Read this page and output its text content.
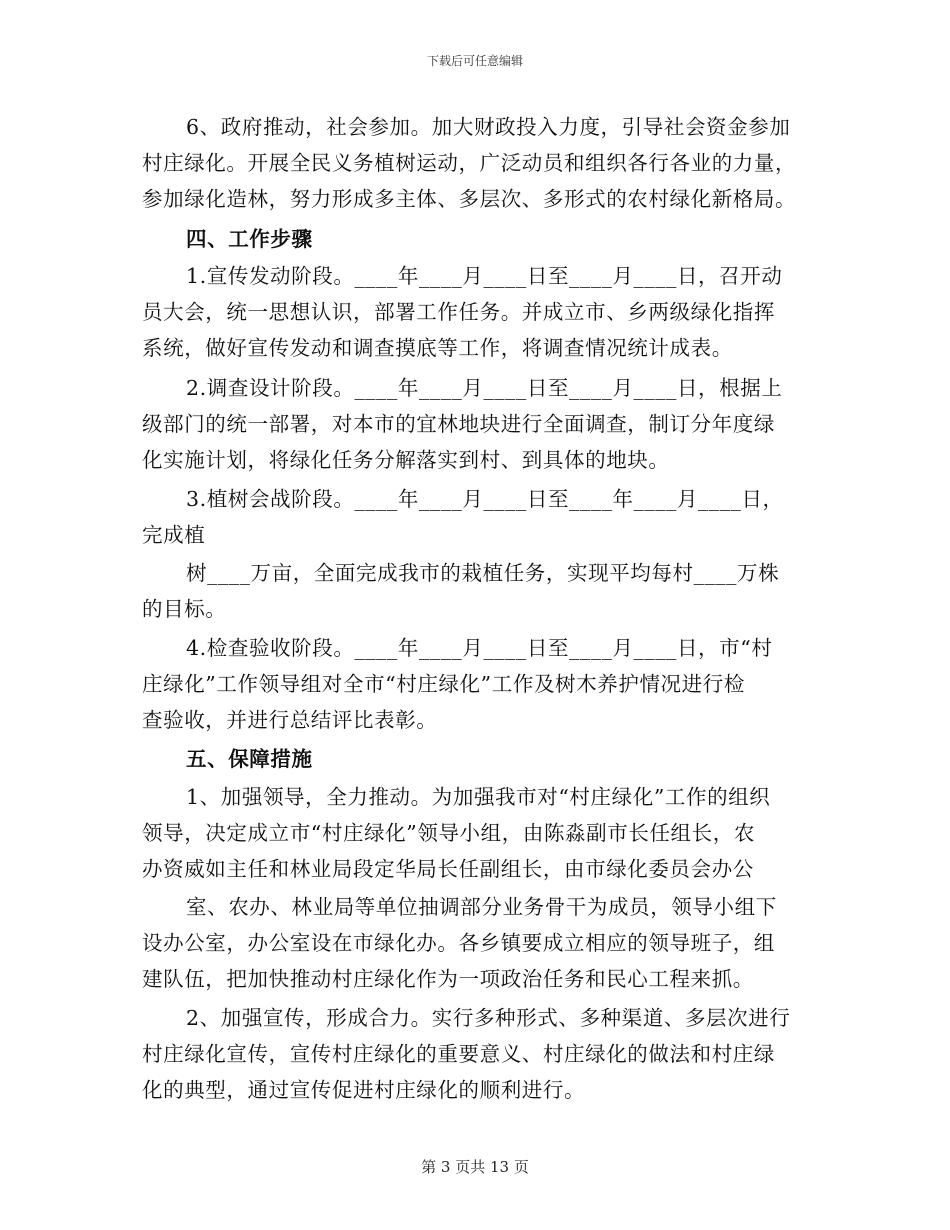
下载后可任意编辑
6、政府推动，社会参加。加大财政投入力度，引导社会资金参加
村庄绿化。开展全民义务植树运动，广泛动员和组织各行各业的力量，
参加绿化造林，努力形成多主体、多层次、多形式的农村绿化新格局。
四、工作步骤
1.宣传发动阶段。____年____月____日至____月____日，召开动
员大会，统一思想认识，部署工作任务。并成立市、乡两级绿化指挥
系统，做好宣传发动和调查摸底等工作，将调查情况统计成表。
2.调查设计阶段。____年____月____日至____月____日，根据上
级部门的统一部署，对本市的宜林地块进行全面调查，制订分年度绿
化实施计划，将绿化任务分解落实到村、到具体的地块。
3.植树会战阶段。____年____月____日至____年____月____日，
完成植
树____万亩，全面完成我市的栽植任务，实现平均每村____万株
的目标。
4.检查验收阶段。____年____月____日至____月____日，市“村
庄绿化”工作领导组对全市“村庄绿化”工作及树木养护情况进行检
查验收，并进行总结评比表彰。
五、保障措施
1、加强领导，全力推动。为加强我市对“村庄绿化”工作的组织
领导，决定成立市“村庄绿化”领导小组，由陈淼副市长任组长，农
办资威如主任和林业局段定华局长任副组长，由市绿化委员会办公
室、农办、林业局等单位抽调部分业务骨干为成员，领导小组下
设办公室，办公室设在市绿化办。各乡镇要成立相应的领导班子，组
建队伍，把加快推动村庄绿化作为一项政治任务和民心工程来抓。
2、加强宣传，形成合力。实行多种形式、多种渠道、多层次进行
村庄绿化宣传，宣传村庄绿化的重要意义、村庄绿化的做法和村庄绿
化的典型，通过宣传促进村庄绿化的顺利进行。
第 3 页共 13 页
